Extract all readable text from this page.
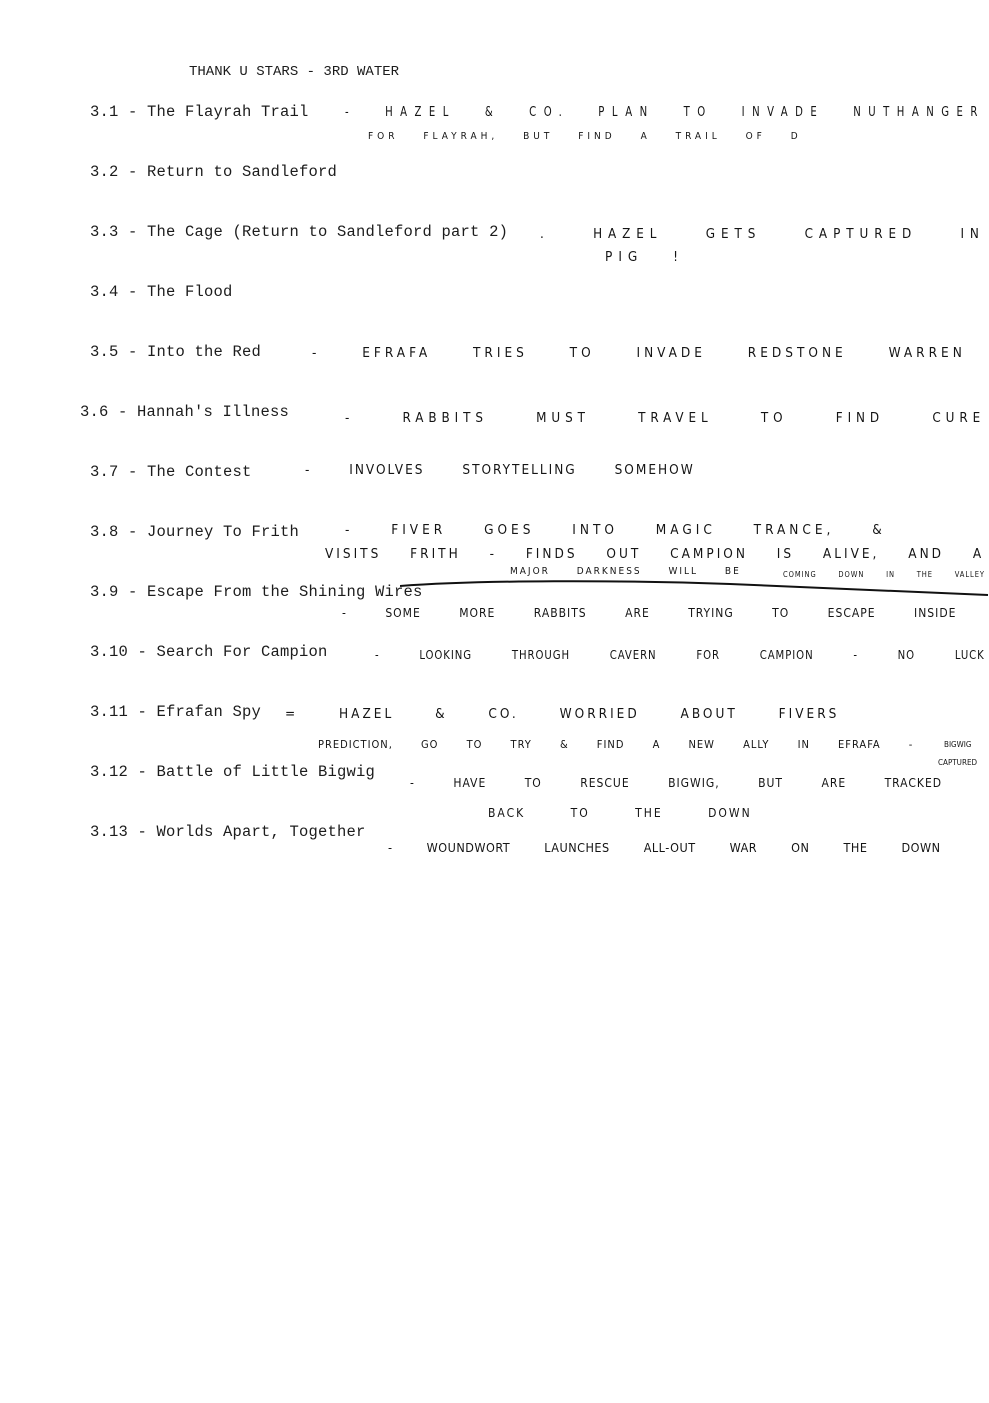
THANK U STARS - 3RD WATER
3.1 - The Flayrah Trail	- HAZEL & CO. PLAN TO INVADE NUTHANGER
FOR FLAYRAH, BUT FIND A TRAIL OF D
3.2 - Return to Sandleford
3.3 - The Cage (Return to Sandleford part 2) . HAZEL GETS CAPTURED IN
PIG !
3.4 - The Flood
3.5 - Into the Red	- EFRAFA TRIES TO INVADE REDSTONE WARREN
3.6 - Hannah's Illness	- RABBITS MUST TRAVEL TO FIND CURE
3.7 - The Contest	- INVOLVES STORYTELLING SOMEHOW
3.8 - Journey To Frith	- FIVER GOES INTO MAGIC TRANCE, &
VISITS FRITH - FINDS OUT CAMPION IS ALIVE, AND A
MAJOR DARKNESS WILL BE	COMING DOWN IN THE VALLEY
3.9 - Escape From the Shining Wires
- SOME MORE RABBITS ARE TRYING TO ESCAPE INSIDE
3.10 - Search For Campion	- LOOKING THROUGH CAVERN FOR CAMPION - NO LUCK
3.11 - Efrafan Spy = HAZEL & CO. WORRIED ABOUT FIVERS
PREDICTION, GO TO TRY & FIND A NEW ALLY IN EFRAFA -	BIGWIG
CAPTURED
3.12 - Battle of Little Bigwig
- HAVE TO RESCUE BIGWIG, BUT ARE TRACKED
BACK TO THE DOWN
3.13 - Worlds Apart, Together
- WOUNDWORT LAUNCHES ALL-OUT WAR ON THE DOWN
